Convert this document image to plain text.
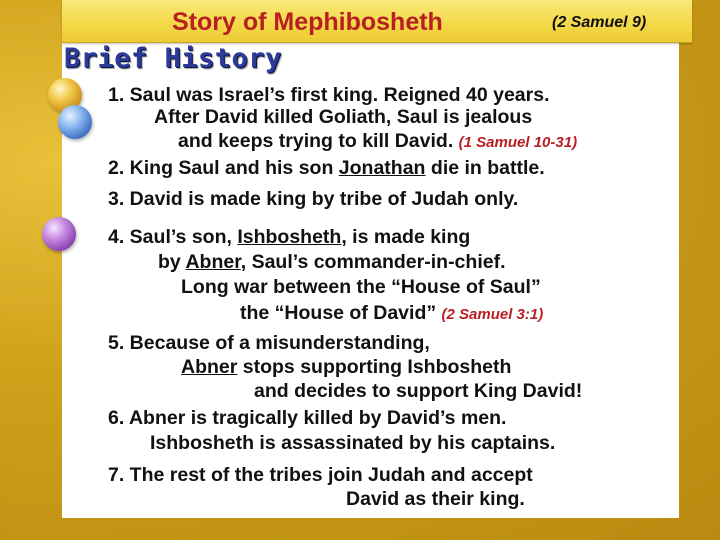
Story of Mephibosheth	(2 Samuel 9)
Brief History
1. Saul was Israel’s first king. Reigned 40 years.
After David killed Goliath, Saul is jealous
and keeps trying to kill David. (1 Samuel 10-31)
2. King Saul and his son Jonathan die in battle.
3. David is made king by tribe of Judah only.
4. Saul’s son, Ishbosheth, is made king
by Abner, Saul’s commander-in-chief.
Long war between the “House of Saul”
the “House of David” (2 Samuel 3:1)
5. Because of a misunderstanding,
Abner stops supporting Ishbosheth
and decides to support King David!
6. Abner is tragically killed by David’s men.
Ishbosheth is assassinated by his captains.
7. The rest of the tribes join Judah and accept
David as their king.
